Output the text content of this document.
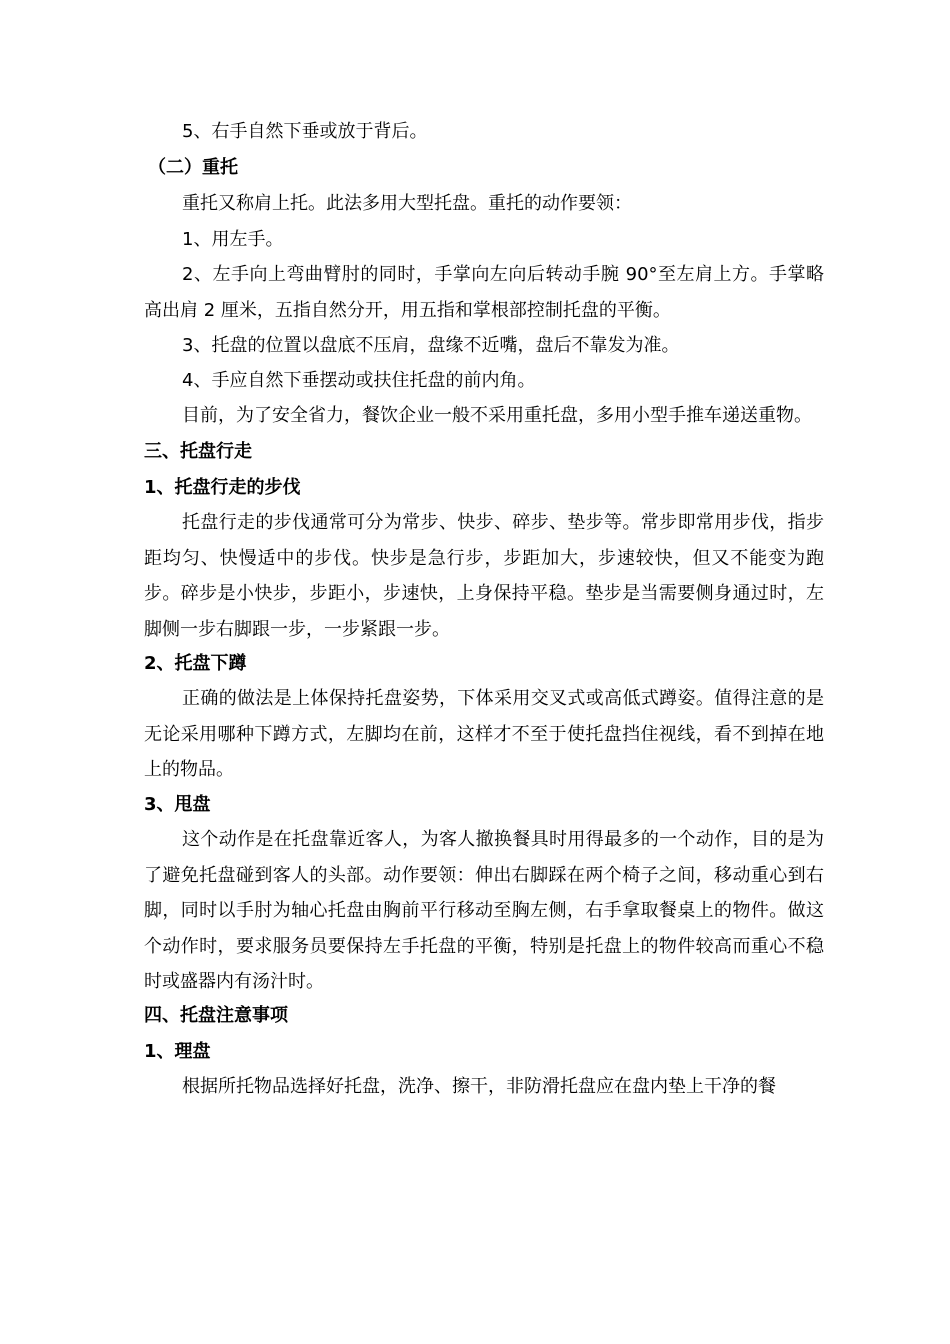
5、右手自然下垂或放于背后。

（二）重托

重托又称肩上托。此法多用大型托盘。重托的动作要领：

1、用左手。

2、左手向上弯曲臂肘的同时，手掌向左向后转动手腕 90°至左肩上方。手掌略高出肩 2 厘米，五指自然分开，用五指和掌根部控制托盘的平衡。

3、托盘的位置以盘底不压肩，盘缘不近嘴，盘后不靠发为准。

4、手应自然下垂摆动或扶住托盘的前内角。

目前，为了安全省力，餐饮企业一般不采用重托盘，多用小型手推车递送重物。

三、托盘行走

1、托盘行走的步伐

托盘行走的步伐通常可分为常步、快步、碎步、垫步等。常步即常用步伐，指步距均匀、快慢适中的步伐。快步是急行步，步距加大，步速较快，但又不能变为跑步。碎步是小快步，步距小，步速快，上身保持平稳。垫步是当需要侧身通过时，左脚侧一步右脚跟一步，一步紧跟一步。

2、托盘下蹲

正确的做法是上体保持托盘姿势，下体采用交叉式或高低式蹲姿。值得注意的是无论采用哪种下蹲方式，左脚均在前，这样才不至于使托盘挡住视线，看不到掉在地上的物品。

3、甩盘

这个动作是在托盘靠近客人，为客人撤换餐具时用得最多的一个动作，目的是为了避免托盘碰到客人的头部。动作要领：伸出右脚踩在两个椅子之间，移动重心到右脚，同时以手肘为轴心托盘由胸前平行移动至胸左侧，右手拿取餐桌上的物件。做这个动作时，要求服务员要保持左手托盘的平衡，特别是托盘上的物件较高而重心不稳时或盛器内有汤汁时。

四、托盘注意事项

1、理盘

根据所托物品选择好托盘，洗净、擦干，非防滑托盘应在盘内垫上干净的餐
